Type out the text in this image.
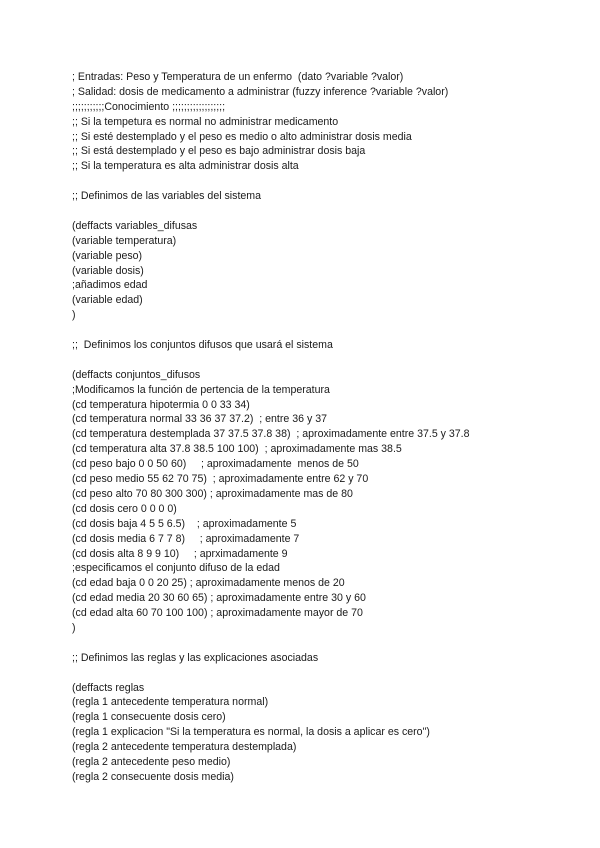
; Entradas: Peso y Temperatura de un enfermo  (dato ?variable ?valor)
; Salidad: dosis de medicamento a administrar (fuzzy inference ?variable ?valor)
;;;;;;;;;;;Conocimiento ;;;;;;;;;;;;;;;;;;
;; Si la tempetura es normal no administrar medicamento
;; Si esté destemplado y el peso es medio o alto administrar dosis media
;; Si está destemplado y el peso es bajo administrar dosis baja
;; Si la temperatura es alta administrar dosis alta
;; Definimos de las variables del sistema
(deffacts variables_difusas
(variable temperatura)
(variable peso)
(variable dosis)
;añadimos edad
(variable edad)
)
;;  Definimos los conjuntos difusos que usará el sistema
(deffacts conjuntos_difusos
;Modificamos la función de pertencia de la temperatura
(cd temperatura hipotermia 0 0 33 34)
(cd temperatura normal 33 36 37 37.2)  ; entre 36 y 37
(cd temperatura destemplada 37 37.5 37.8 38)  ; aproximadamente entre 37.5 y 37.8
(cd temperatura alta 37.8 38.5 100 100)  ; aproximadamente mas 38.5
(cd peso bajo 0 0 50 60)     ; aproximadamente  menos de 50
(cd peso medio 55 62 70 75)  ; aproximadamente entre 62 y 70
(cd peso alto 70 80 300 300) ; aproximadamente mas de 80
(cd dosis cero 0 0 0 0)
(cd dosis baja 4 5 5 6.5)    ; aproximadamente 5
(cd dosis media 6 7 7 8)     ; aproximadamente 7
(cd dosis alta 8 9 9 10)     ; aprximadamente 9
;especificamos el conjunto difuso de la edad
(cd edad baja 0 0 20 25) ; aproximadamente menos de 20
(cd edad media 20 30 60 65) ; aproximadamente entre 30 y 60
(cd edad alta 60 70 100 100) ; aproximadamente mayor de 70
)
;; Definimos las reglas y las explicaciones asociadas
(deffacts reglas
(regla 1 antecedente temperatura normal)
(regla 1 consecuente dosis cero)
(regla 1 explicacion "Si la temperatura es normal, la dosis a aplicar es cero")
(regla 2 antecedente temperatura destemplada)
(regla 2 antecedente peso medio)
(regla 2 consecuente dosis media)
